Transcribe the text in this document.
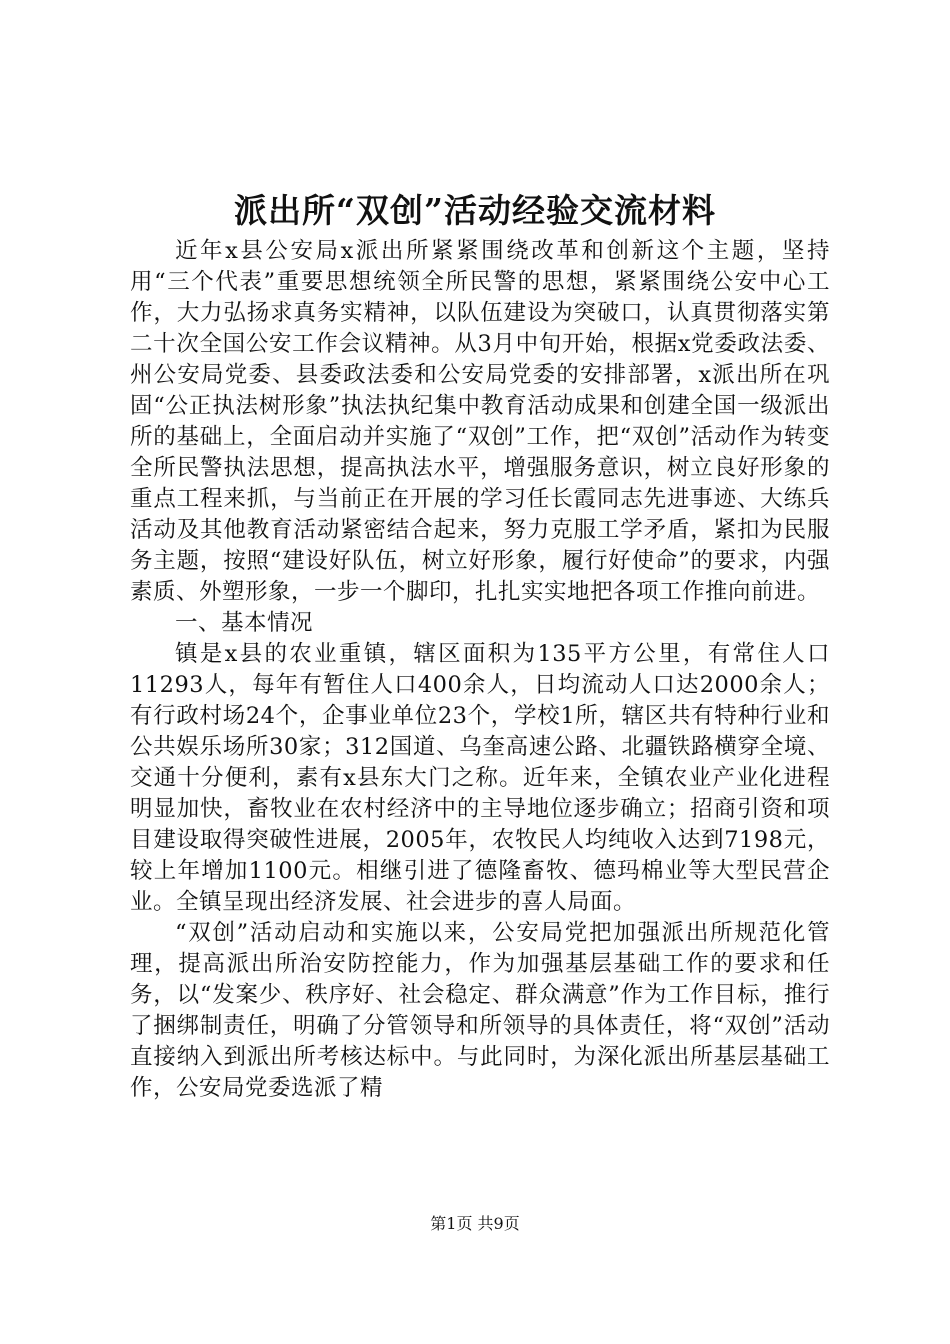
派出所“双创”活动经验交流材料

近年x县公安局x派出所紧紧围绕改革和创新这个主题，坚持用“三个代表”重要思想统领全所民警的思想，紧紧围绕公安中心工作，大力弘扬求真务实精神，以队伍建设为突破口，认真贯彻落实第二十次全国公安工作会议精神。从3月中旬开始，根据x党委政法委、州公安局党委、县委政法委和公安局党委的安排部署，x派出所在巩固“公正执法树形象”执法执纪集中教育活动成果和创建全国一级派出所的基础上，全面启动并实施了“双创”工作，把“双创”活动作为转变全所民警执法思想，提高执法水平，增强服务意识，树立良好形象的重点工程来抓，与当前正在开展的学习任长霞同志先进事迹、大练兵活动及其他教育活动紧密结合起来，努力克服工学矛盾，紧扣为民服务主题，按照“建设好队伍，树立好形象，履行好使命”的要求，内强素质、外塑形象，一步一个脚印，扎扎实实地把各项工作推向前进。

一、基本情况

镇是x县的农业重镇，辖区面积为135平方公里，有常住人口11293人，每年有暂住人口400余人，日均流动人口达2000余人；有行政村场24个，企事业单位23个，学校1所，辖区共有特种行业和公共娱乐场所30家；312国道、乌奎高速公路、北疆铁路横穿全境、交通十分便利，素有x县东大门之称。近年来，全镇农业产业化进程明显加快，畜牧业在农村经济中的主导地位逐步确立；招商引资和项目建设取得突破性进展，2005年，农牧民人均纯收入达到7198元，较上年增加1100元。相继引进了德隆畜牧、德玛棉业等大型民营企业。全镇呈现出经济发展、社会进步的喜人局面。

“双创”活动启动和实施以来，公安局党把加强派出所规范化管理，提高派出所治安防控能力，作为加强基层基础工作的要求和任务，以“发案少、秩序好、社会稳定、群众满意”作为工作目标，推行了捆绑制责任，明确了分管领导和所领导的具体责任，将“双创”活动直接纳入到派出所考核达标中。与此同时，为深化派出所基层基础工作，公安局党委选派了精

第1页 共9页
